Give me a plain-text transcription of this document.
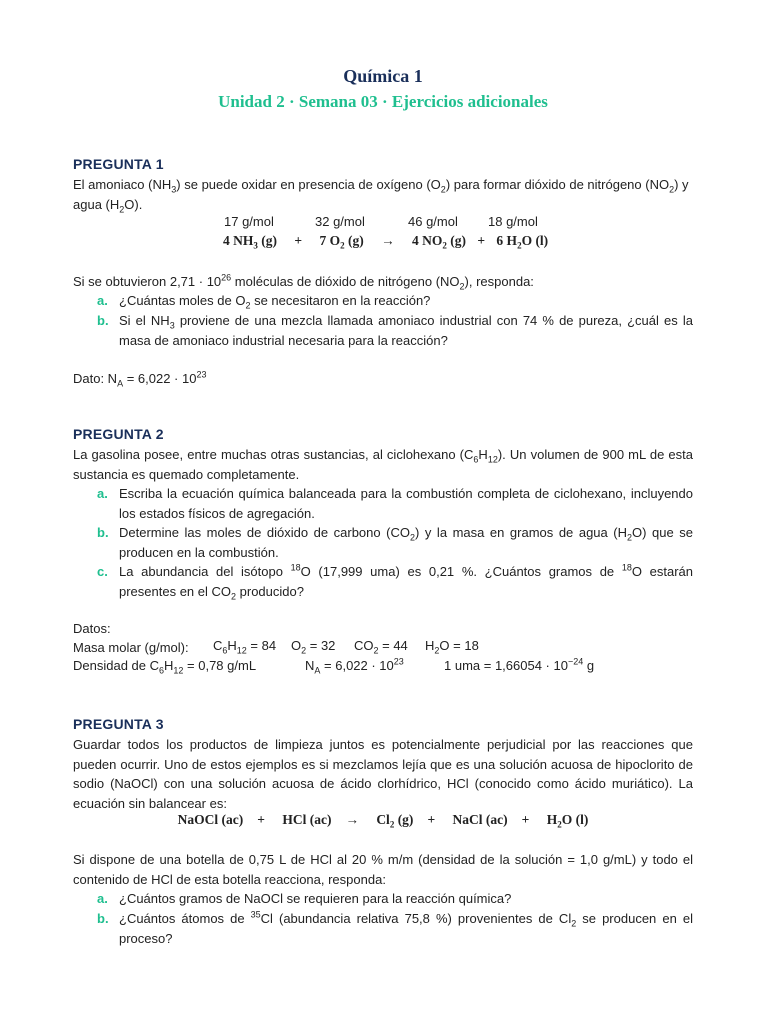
Química 1
Unidad 2 · Semana 03 · Ejercicios adicionales
PREGUNTA 1
El amoniaco $(NH_3)$ se puede oxidar en presencia de oxígeno $(O_2)$ para formar dióxido de nitrógeno $(NO_2)$ y
agua $(H_2O)$.
17 g/mol	32 g/mol	46 g/mol 18 g/mol
4 $NH_3$ (g) + 7 $O_2$ (g) → 4 $NO_2$ (g) + 6 $H_2O$ (l)
Si se obtuvieron $2,71 \cdot 10^{26}$ moléculas de dióxido de nitrógeno $(NO_2)$, responda:
a. ¿Cuántas moles de $O_2$ se necesitaron en la reacción?
b. Si el $NH_3$ proviene de una mezcla llamada amoniaco industrial con 74 % de pureza, ¿cuál es la masa de amoniaco industrial necesaria para la reacción?
Dato: $N_A = 6,022 \cdot 10^{23}$
PREGUNTA 2
La gasolina posee, entre muchas otras sustancias, al ciclohexano $(C_6H_{12})$. Un volumen de 900 mL de esta sustancia es quemado completamente.
a. Escriba la ecuación química balanceada para la combustión completa de ciclohexano, incluyendo los estados físicos de agregación.
b. Determine las moles de dióxido de carbono $(CO_2)$ y la masa en gramos de agua $(H_2O)$ que se producen en la combustión.
c. La abundancia del isótopo $^{18}$O (17,999 uma) es 0,21 %. ¿Cuántos gramos de $^{18}$O estarán presentes en el $CO_2$ producido?
Datos:
Masa molar (g/mol): $C_6H_{12} = 84$ $O_2 = 32$ $CO_2 = 44$ $H_2O = 18$
Densidad de $C_6H_{12} = 0,78$ g/mL	$N_A = 6,022 \cdot 10^{23}$	1 uma = $1,66054 \cdot 10^{-24}$ g
PREGUNTA 3
Guardar todos los productos de limpieza juntos es potencialmente perjudicial por las reacciones que pueden ocurrir. Uno de estos ejemplos es si mezclamos lejía que es una solución acuosa de hipoclorito de sodio (NaOCl) con una solución acuosa de ácido clorhídrico, HCl (conocido como ácido muriático). La ecuación sin balancear es:
NaOCl (ac) + HCl $(ac) \to Cl_2$ (g) + NaCl $(ac) + H_2O$ (l)
Si dispone de una botella de 0,75 L de HCl al 20 % m/m (densidad de la solución = 1,0 g/mL) y todo el contenido de HCl de esta botella reacciona, responda:
a. ¿Cuántos gramos de NaOCl se requieren para la reacción química?
b. ¿Cuántos átomos de $^{35}$Cl (abundancia relativa 75,8 %) provenientes de $Cl_2$ se producen en el proceso?
